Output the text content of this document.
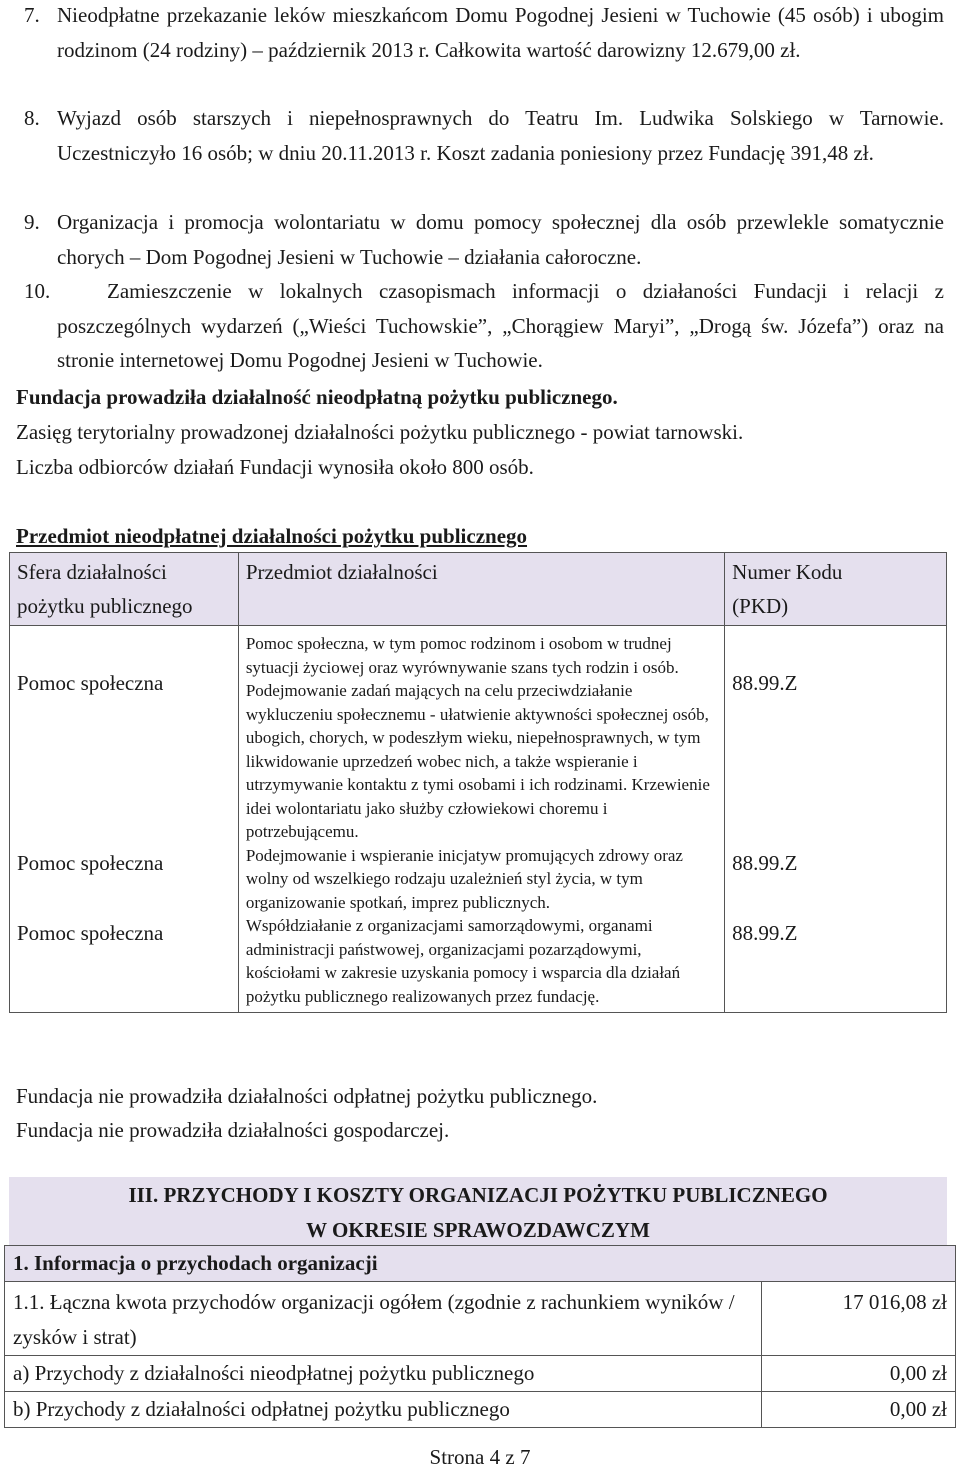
7. Nieodpłatne przekazanie leków mieszkańcom Domu Pogodnej Jesieni w Tuchowie (45 osób) i ubogim rodzinom (24 rodziny) – październik 2013 r. Całkowita wartość darowizny 12.679,00 zł.
8. Wyjazd osób starszych i niepełnosprawnych do Teatru Im. Ludwika Solskiego w Tarnowie. Uczestniczyło 16 osób; w dniu 20.11.2013 r. Koszt zadania poniesiony przez Fundację 391,48 zł.
9. Organizacja i promocja wolontariatu w domu pomocy społecznej dla osób przewlekle somatycznie chorych – Dom Pogodnej Jesieni w Tuchowie – działania całoroczne.
10.	Zamieszczenie w lokalnych czasopismach informacji o działaności Fundacji i relacji z poszczególnych wydarzeń („Wieści Tuchowskie”, „Chorągiew Maryi”, „Drogą św. Józefa”) oraz na stronie internetowej Domu Pogodnej Jesieni w Tuchowie.
Fundacja prowadziła działalność nieodpłatną pożytku publicznego.
Zasięg terytorialny prowadzonej działalności pożytku publicznego - powiat tarnowski.
Liczba odbiorców działań Fundacji wynosiła około 800 osób.
Przedmiot nieodpłatnej działalności pożytku publicznego
Sfera działalności pożytku publicznego	Przedmiot działalności	Numer Kodu (PKD)
Pomoc społeczna	Pomoc społeczna, w tym pomoc rodzinom i osobom w trudnej sytuacji życiowej oraz wyrównywanie szans tych rodzin i osób. Podejmowanie zadań mających na celu przeciwdziałanie wykluczeniu społecznemu - ułatwienie aktywności społecznej osób, ubogich, chorych, w podeszłym wieku, niepełnosprawnych, w tym likwidowanie uprzedzeń wobec nich, a także wspieranie i utrzymywanie kontaktu z tymi osobami i ich rodzinami. Krzewienie idei wolontariatu jako służby człowiekowi choremu i potrzebującemu.	88.99.Z
Pomoc społeczna	Podejmowanie i wspieranie inicjatyw promujących zdrowy oraz wolny od wszelkiego rodzaju uzależnień styl życia, w tym organizowanie spotkań, imprez publicznych.	88.99.Z
Pomoc społeczna	Współdziałanie z organizacjami samorządowymi, organami administracji państwowej, organizacjami pozarządowymi, kościołami w zakresie uzyskania pomocy i wsparcia dla działań pożytku publicznego realizowanych przez fundację.	88.99.Z
Fundacja nie prowadziła działalności odpłatnej pożytku publicznego.
Fundacja nie prowadziła działalności gospodarczej.
III. PRZYCHODY I KOSZTY ORGANIZACJI POŻYTKU PUBLICZNEGO
W OKRESIE SPRAWOZDAWCZYM
1. Informacja o przychodach organizacji	
1.1. Łączna kwota przychodów organizacji ogółem (zgodnie z rachunkiem wyników / zysków i strat)	17 016,08 zł
a) Przychody z działalności nieodpłatnej pożytku publicznego	0,00 zł
b) Przychody z działalności odpłatnej pożytku publicznego	0,00 zł
Strona 4 z 7
